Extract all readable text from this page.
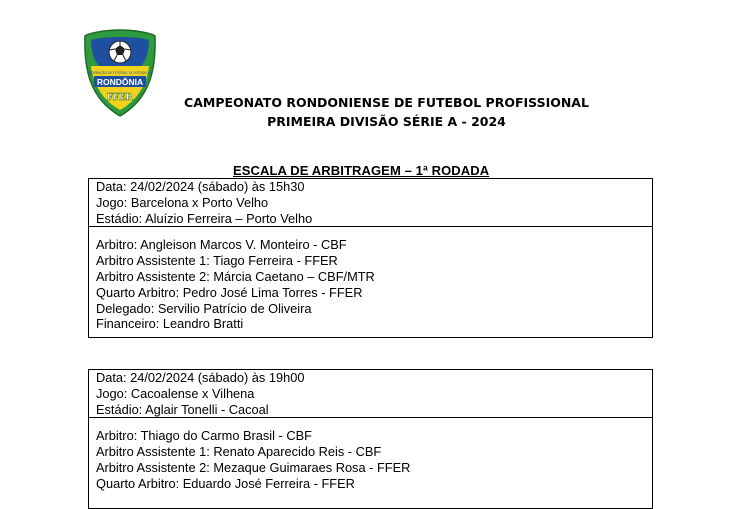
FEDERAÇÃO DE FUTEBOL DO ESTADO DE
RONDÔNIA
FFER	CAMPEONATO RONDONIENSE DE FUTEBOL PROFISSIONAL
PRIMEIRA DIVISÃO SÉRIE A - 2024
ESCALA DE ARBITRAGEM – 1ª RODADA
Data: 24/02/2024 (sábado) às 15h30
Jogo: Barcelona x Porto Velho
Estádio: Aluízio Ferreira – Porto Velho
Arbitro: Angleison Marcos V. Monteiro - CBF
Arbitro Assistente 1: Tiago Ferreira - FFER
Arbitro Assistente 2: Márcia Caetano – CBF/MTR
Quarto Arbitro: Pedro José Lima Torres - FFER
Delegado: Servilio Patrício de Oliveira
Financeiro: Leandro Bratti
Data: 24/02/2024 (sábado) às 19h00
Jogo: Cacoalense x Vilhena
Estádio: Aglair Tonelli - Cacoal
Arbitro: Thiago do Carmo Brasil - CBF
Arbitro Assistente 1: Renato Aparecido Reis - CBF
Arbitro Assistente 2: Mezaque Guimaraes Rosa - FFER
Quarto Arbitro: Eduardo José Ferreira - FFER
